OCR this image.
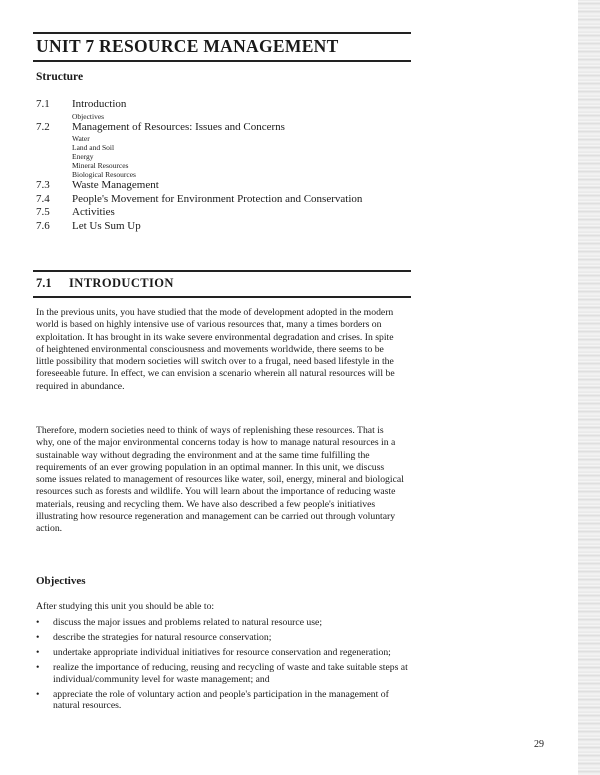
UNIT 7 RESOURCE MANAGEMENT
Structure
7.1 Introduction
Objectives
7.2 Management of Resources: Issues and Concerns
Water
Land and Soil
Energy
Mineral Resources
Biological Resources
7.3 Waste Management
7.4 People's Movement for Environment Protection and Conservation
7.5 Activities
7.6 Let Us Sum Up
7.1 INTRODUCTION

In the previous units, you have studied that the mode of development adopted in the modern world is based on highly intensive use of various resources that, many a times borders on exploitation. It has brought in its wake severe environmental degradation and crises. In spite of heightened environmental consciousness and movements worldwide, there seems to be little possibility that modern societies will switch over to a frugal, need based lifestyle in the foreseeable future. In effect, we can envision a scenario wherein all natural resources will be required in abundance.

Therefore, modern societies need to think of ways of replenishing these resources. That is why, one of the major environmental concerns today is how to manage natural resources in a sustainable way without degrading the environment and at the same time fulfilling the requirements of an ever growing population in an optimal manner. In this unit, we discuss some issues related to management of resources like water, soil, energy, mineral and biological resources such as forests and wildlife. You will learn about the importance of reducing waste materials, reusing and recycling them. We have also described a few people's initiatives illustrating how resource regeneration and management can be carried out through voluntary action.

Objectives

After studying this unit you should be able to:

• discuss the major issues and problems related to natural resource use;
• describe the strategies for natural resource conservation;
• undertake appropriate individual initiatives for resource conservation and regeneration;
• realize the importance of reducing, reusing and recycling of waste and take suitable steps at individual/community level for waste management; and
• appreciate the role of voluntary action and people's participation in the management of natural resources.
29
